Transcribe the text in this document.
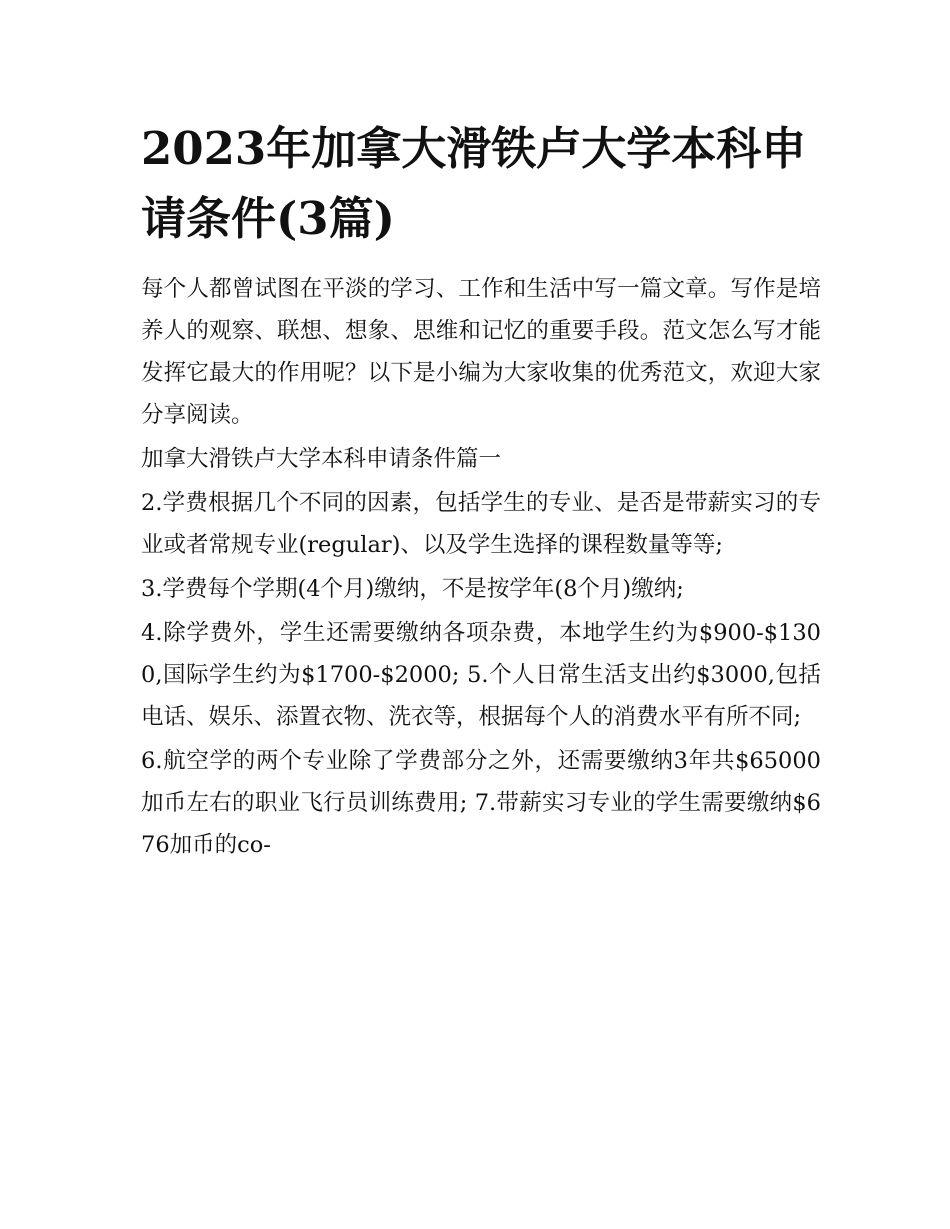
2023年加拿大滑铁卢大学本科申请条件(3篇)

每个人都曾试图在平淡的学习、工作和生活中写一篇文章。写作是培养人的观察、联想、想象、思维和记忆的重要手段。范文怎么写才能发挥它最大的作用呢？以下是小编为大家收集的优秀范文，欢迎大家分享阅读。

加拿大滑铁卢大学本科申请条件篇一

2.学费根据几个不同的因素，包括学生的专业、是否是带薪实习的专业或者常规专业(regular)、以及学生选择的课程数量等等;

3.学费每个学期(4个月)缴纳，不是按学年(8个月)缴纳;

4.除学费外，学生还需要缴纳各项杂费，本地学生约为$900-$1300,国际学生约为$1700-$2000; 5.个人日常生活支出约$3000,包括电话、娱乐、添置衣物、洗衣等，根据每个人的消费水平有所不同;

6.航空学的两个专业除了学费部分之外，还需要缴纳3年共$65000加币左右的职业飞行员训练费用; 7.带薪实习专业的学生需要缴纳$676加币的co-
